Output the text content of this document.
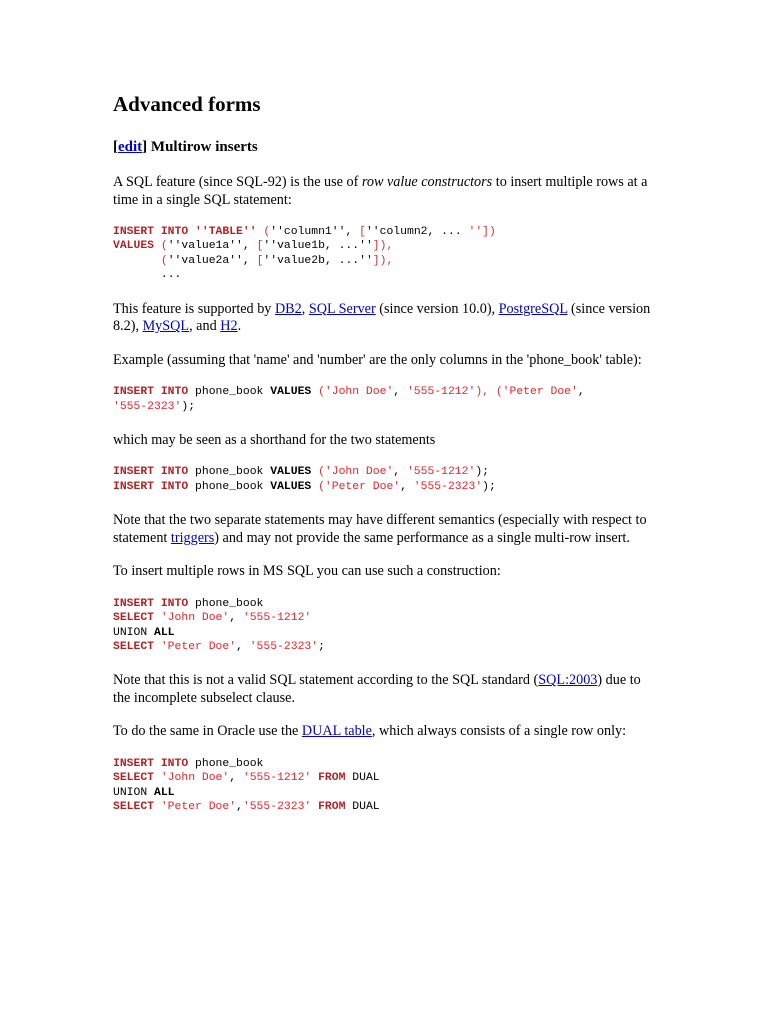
Advanced forms
[edit] Multirow inserts

A SQL feature (since SQL-92) is the use of row value constructors to insert multiple rows at a time in a single SQL statement:

INSERT INTO ''TABLE'' (''column1'', [''column2, ... ''])
VALUES (''value1a'', [''value1b, ...'']),
(''value2a'', [''value2b, ...'']),
...

This feature is supported by DB2, SQL Server (since version 10.0), PostgreSQL (since version 8.2), MySQL, and H2.

Example (assuming that 'name' and 'number' are the only columns in the 'phone_book' table):

INSERT INTO phone_book VALUES ('John Doe', '555-1212'), ('Peter Doe',
'555-2323');

which may be seen as a shorthand for the two statements

INSERT INTO phone_book VALUES ('John Doe', '555-1212');
INSERT INTO phone_book VALUES ('Peter Doe', '555-2323');

Note that the two separate statements may have different semantics (especially with respect to statement triggers) and may not provide the same performance as a single multi-row insert.

To insert multiple rows in MS SQL you can use such a construction:

INSERT INTO phone_book
SELECT 'John Doe', '555-1212'
UNION ALL
SELECT 'Peter Doe', '555-2323';

Note that this is not a valid SQL statement according to the SQL standard (SQL:2003) due to the incomplete subselect clause.

To do the same in Oracle use the DUAL table, which always consists of a single row only:

INSERT INTO phone_book
SELECT 'John Doe', '555-1212' FROM DUAL
UNION ALL
SELECT 'Peter Doe','555-2323' FROM DUAL
